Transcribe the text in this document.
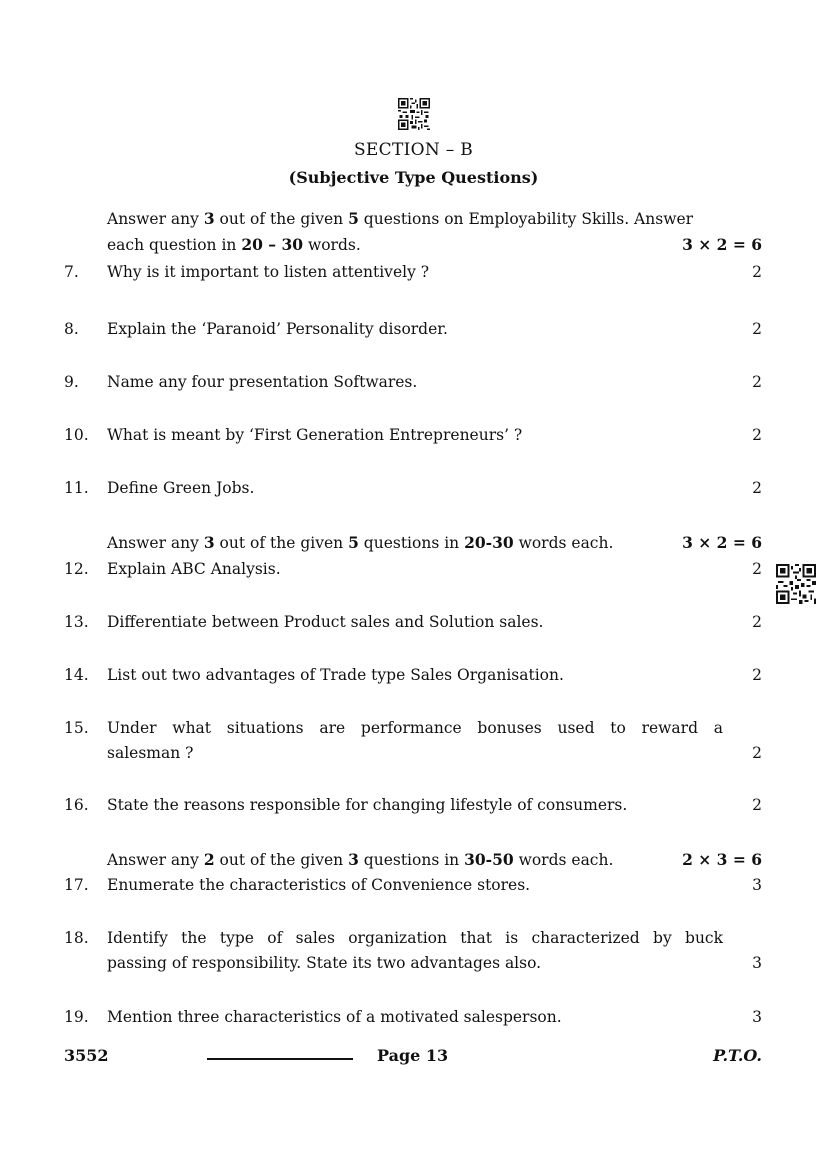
SECTION – B
(Subjective Type Questions)
Answer any 3 out of the given 5 questions on Employability Skills. Answer
each question in 20 – 30 words.	3 × 2 = 6
7. Why is it important to listen attentively ?	2
8. Explain the ‘Paranoid’ Personality disorder.	2
9. Name any four presentation Softwares.	2
10. What is meant by ‘First Generation Entrepreneurs’ ?	2
11. Define Green Jobs.	2
Answer any 3 out of the given 5 questions in 20-30 words each.	3 × 2 = 6
12. Explain ABC Analysis.	2
13. Differentiate between Product sales and Solution sales.	2
14. List out two advantages of Trade type Sales Organisation.	2
15. Under what situations are performance bonuses used to reward a
salesman ?	2
16. State the reasons responsible for changing lifestyle of consumers.	2
Answer any 2 out of the given 3 questions in 30-50 words each.	2 × 3 = 6
17. Enumerate the characteristics of Convenience stores.	3
18. Identify the type of sales organization that is characterized by buck
passing of responsibility. State its two advantages also.	3
19. Mention three characteristics of a motivated salesperson.	3
3552	Page 13	P.T.O.
